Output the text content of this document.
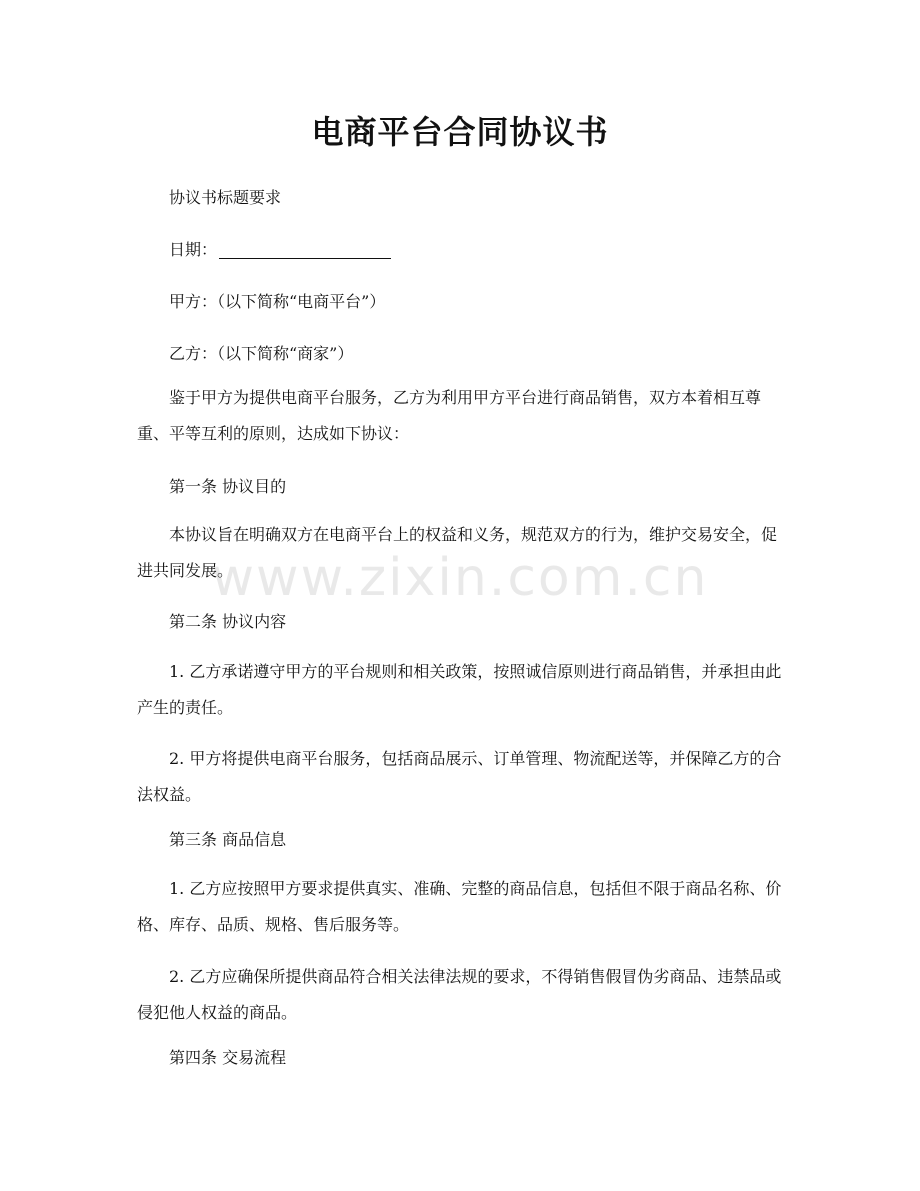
电商平台合同协议书

协议书标题要求

日期：

甲方：（以下简称“电商平台”）

乙方：（以下简称“商家”）

鉴于甲方为提供电商平台服务，乙方为利用甲方平台进行商品销售，双方本着相互尊重、平等互利的原则，达成如下协议：

第一条 协议目的

本协议旨在明确双方在电商平台上的权益和义务，规范双方的行为，维护交易安全，促进共同发展。

第二条 协议内容

1. 乙方承诺遵守甲方的平台规则和相关政策，按照诚信原则进行商品销售，并承担由此产生的责任。

2. 甲方将提供电商平台服务，包括商品展示、订单管理、物流配送等，并保障乙方的合法权益。

第三条 商品信息

1. 乙方应按照甲方要求提供真实、准确、完整的商品信息，包括但不限于商品名称、价格、库存、品质、规格、售后服务等。

2. 乙方应确保所提供商品符合相关法律法规的要求，不得销售假冒伪劣商品、违禁品或侵犯他人权益的商品。

第四条 交易流程

www.zixin.com.cn
